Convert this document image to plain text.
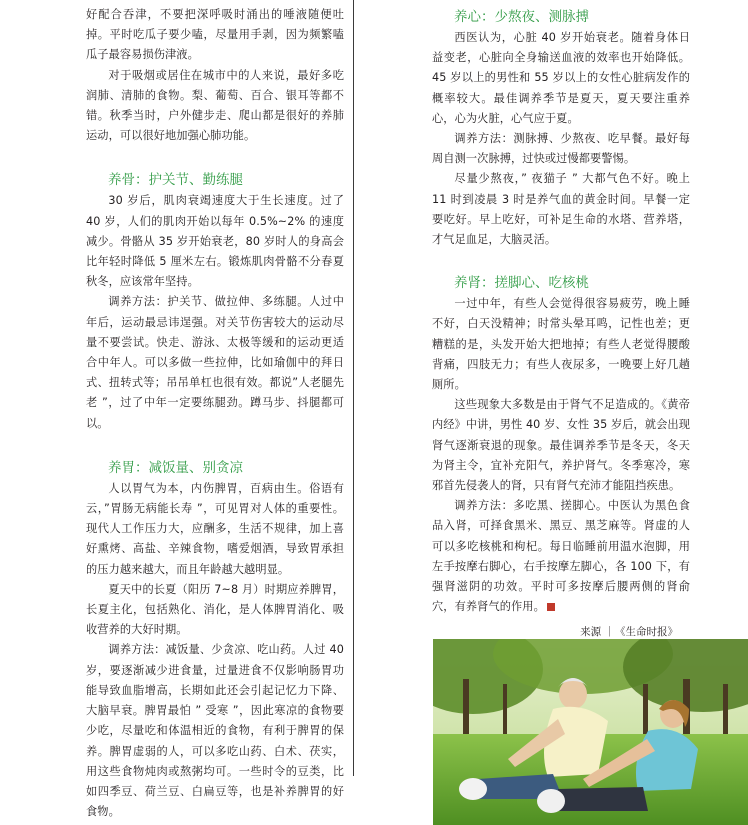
好配合吞津，不要把深呼吸时涌出的唾液随便吐掉。平时吃瓜子要少嗑，尽量用手剥，因为频繁嗑瓜子最容易损伤津液。

对于吸烟或居住在城市中的人来说，最好多吃润肺、清肺的食物。梨、葡萄、百合、银耳等都不错。秋季当时，户外健步走、爬山都是很好的养肺运动，可以很好地加强心肺功能。

养骨：护关节、勤练腿

30 岁后，肌肉衰竭速度大于生长速度。过了 40 岁，人们的肌肉开始以每年 0.5%~2% 的速度减少。骨骼从 35 岁开始衰老，80 岁时人的身高会比年轻时降低 5 厘米左右。锻炼肌肉骨骼不分春夏秋冬，应该常年坚持。

调养方法：护关节、做拉伸、多练腿。人过中年后，运动最忌讳逞强。对关节伤害较大的运动尽量不要尝试。快走、游泳、太极等缓和的运动更适合中年人。可以多做一些拉伸，比如瑜伽中的拜日式、扭转式等；吊吊单杠也很有效。都说”人老腿先老 ”，过了中年一定要练腿劲。蹲马步、抖腿都可以。

养胃：减饭量、别贪凉

人以胃气为本，内伤脾胃，百病由生。俗语有云，”胃肠无病能长寿 ”，可见胃对人体的重要性。现代人工作压力大，应酬多，生活不规律，加上喜好熏烤、高盐、辛辣食物，嗜爱烟酒，导致胃承担的压力越来越大，而且年龄越大越明显。

夏天中的长夏（阳历 7~8 月）时期应养脾胃，长夏主化，包括熟化、消化，是人体脾胃消化、吸收营养的大好时期。

调养方法：减饭量、少贪凉、吃山药。人过 40 岁，要逐渐减少进食量，过量进食不仅影响肠胃功能导致血脂增高，长期如此还会引起记忆力下降、大脑早衰。脾胃最怕 ” 受寒 ”，因此寒凉的食物要少吃，尽量吃和体温相近的食物，有利于脾胃的保养。脾胃虚弱的人，可以多吃山药、白术、茯实，用这些食物炖肉或熬粥均可。一些时令的豆类，比如四季豆、荷兰豆、白扁豆等，也是补养脾胃的好食物。

养心：少熬夜、测脉搏

西医认为，心脏 40 岁开始衰老。随着身体日益变老，心脏向全身输送血液的效率也开始降低。45 岁以上的男性和 55 岁以上的女性心脏病发作的概率较大。最佳调养季节是夏天，夏天要注重养心，心为火脏，心气应于夏。

调养方法：测脉搏、少熬夜、吃早餐。最好每周自测一次脉搏，过快或过慢都要警惕。

尽量少熬夜，” 夜猫子 ” 大都气色不好。晚上 11 时到凌晨 3 时是养气血的黄金时间。早餐一定要吃好。早上吃好，可补足生命的水塔、营养塔，才气足血足，大脑灵活。

养肾：搓脚心、吃核桃

一过中年，有些人会觉得很容易疲劳，晚上睡不好，白天没精神；时常头晕耳鸣，记性也差；更糟糕的是，头发开始大把地掉；有些人老觉得腰酸背痛，四肢无力；有些人夜尿多，一晚要上好几趟厕所。

这些现象大多数是由于肾气不足造成的。《黄帝内经》中讲，男性 40 岁、女性 35 岁后，就会出现肾气逐渐衰退的现象。最佳调养季节是冬天，冬天为肾主令，宜补充阳气，养护肾气。冬季寒冷，寒邪首先侵袭人的肾，只有肾气充沛才能阻挡疾患。

调养方法：多吃黑、搓脚心。中医认为黑色食品入肾，可择食黑米、黑豆、黑芝麻等。肾虚的人可以多吃核桃和枸杞。每日临睡前用温水泡脚，用左手按摩右脚心，右手按摩左脚心，各 100 下，有强肾滋阴的功效。平时可多按摩后腰两侧的肾俞穴，有养肾气的作用。

来源 ｜《生命时报》
